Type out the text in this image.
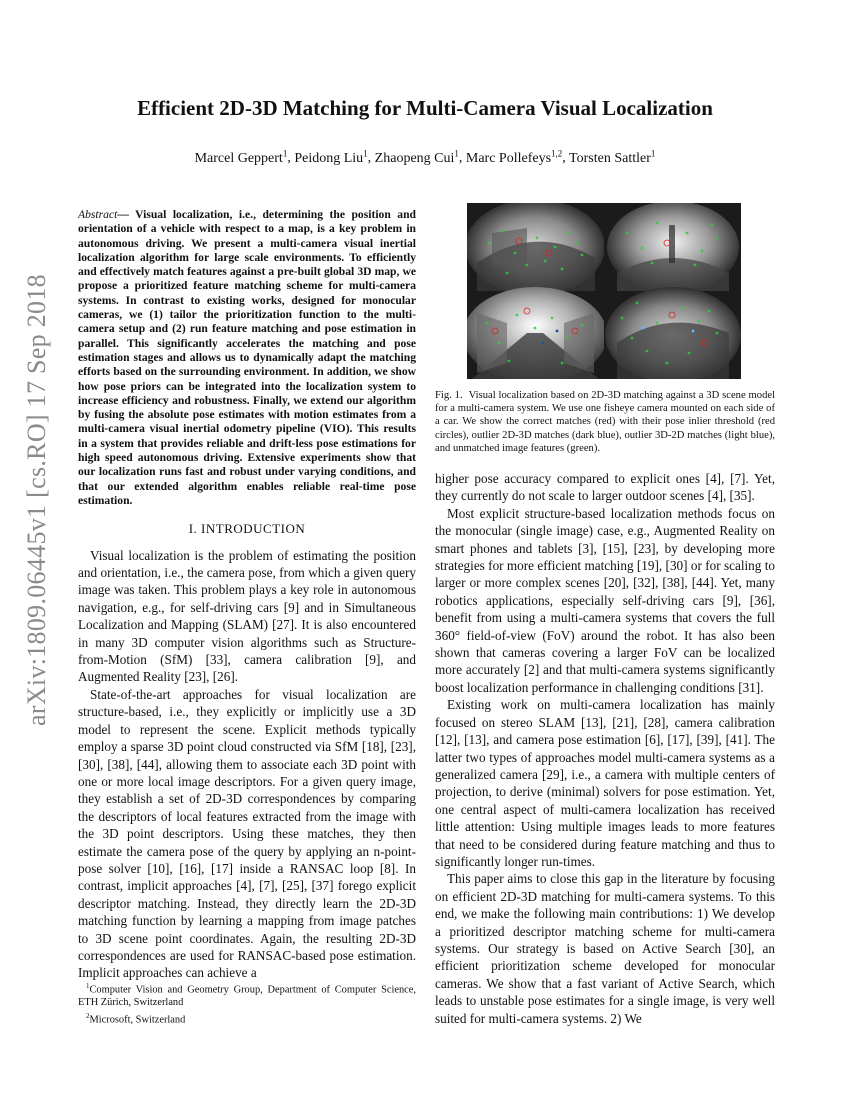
arXiv:1809.06445v1 [cs.RO] 17 Sep 2018
Efficient 2D-3D Matching for Multi-Camera Visual Localization
Marcel Geppert$^1$, Peidong Liu$^1$, Zhaopeng Cui$^1$, Marc Pollefeys$^{1,2}$, Torsten Sattler$^1$

Abstract— Visual localization, i.e., determining the position and orientation of a vehicle with respect to a map, is a key problem in autonomous driving. We present a multi-camera visual inertial localization algorithm for large scale environments. To efficiently and effectively match features against a pre-built global 3D map, we propose a prioritized feature matching scheme for multi-camera systems. In contrast to existing works, designed for monocular cameras, we (1) tailor the prioritization function to the multi-camera setup and (2) run feature matching and pose estimation in parallel. This significantly accelerates the matching and pose estimation stages and allows us to dynamically adapt the matching efforts based on the surrounding environment. In addition, we show how pose priors can be integrated into the localization system to increase efficiency and robustness. Finally, we extend our algorithm by fusing the absolute pose estimates with motion estimates from a multi-camera visual inertial odometry pipeline (VIO). This results in a system that provides reliable and drift-less pose estimations for high speed autonomous driving. Extensive experiments show that our localization runs fast and robust under varying conditions, and that our extended algorithm enables reliable real-time pose estimation.

I. INTRODUCTION

Visual localization is the problem of estimating the position and orientation, i.e., the camera pose, from which a given query image was taken. This problem plays a key role in autonomous navigation, e.g., for self-driving cars [9] and in Simultaneous Localization and Mapping (SLAM) [27]. It is also encountered in many 3D computer vision algorithms such as Structure-from-Motion (SfM) [33], camera calibration [9], and Augmented Reality [23], [26].

State-of-the-art approaches for visual localization are structure-based, i.e., they explicitly or implicitly use a 3D model to represent the scene. Explicit methods typically employ a sparse 3D point cloud constructed via SfM [18], [23], [30], [38], [44], allowing them to associate each 3D point with one or more local image descriptors. For a given query image, they establish a set of 2D-3D correspondences by comparing the descriptors of local features extracted from the image with the 3D point descriptors. Using these matches, they then estimate the camera pose of the query by applying an n-point-pose solver [10], [16], [17] inside a RANSAC loop [8]. In contrast, implicit approaches [4], [7], [25], [37] forego explicit descriptor matching. Instead, they directly learn the 2D-3D matching function by learning a mapping from image patches to 3D scene point coordinates. Again, the resulting 2D-3D correspondences are used for RANSAC-based pose estimation. Implicit approaches can achieve a

$^1$Computer Vision and Geometry Group, Department of Computer Science, ETH Zürich, Switzerland

$^2$Microsoft, Switzerland

Fig. 1. Visual localization based on 2D-3D matching against a 3D scene model for a multi-camera system. We use one fisheye camera mounted on each side of a car. We show the correct matches (red) with their pose inlier threshold (red circles), outlier 2D-3D matches (dark blue), outlier 3D-2D matches (light blue), and unmatched image features (green).

higher pose accuracy compared to explicit ones [4], [7]. Yet, they currently do not scale to larger outdoor scenes [4], [35].

Most explicit structure-based localization methods focus on the monocular (single image) case, e.g., Augmented Reality on smart phones and tablets [3], [15], [23], by developing more strategies for more efficient matching [19], [30] or for scaling to larger or more complex scenes [20], [32], [38], [44]. Yet, many robotics applications, especially self-driving cars [9], [36], benefit from using a multi-camera systems that covers the full 360° field-of-view (FoV) around the robot. It has also been shown that cameras covering a larger FoV can be localized more accurately [2] and that multi-camera systems significantly boost localization performance in challenging conditions [31].

Existing work on multi-camera localization has mainly focused on stereo SLAM [13], [21], [28], camera calibration [12], [13], and camera pose estimation [6], [17], [39], [41]. The latter two types of approaches model multi-camera systems as a generalized camera [29], i.e., a camera with multiple centers of projection, to derive (minimal) solvers for pose estimation. Yet, one central aspect of multi-camera localization has received little attention: Using multiple images leads to more features that need to be considered during feature matching and thus to significantly longer run-times.

This paper aims to close this gap in the literature by focusing on efficient 2D-3D matching for multi-camera systems. To this end, we make the following main contributions: 1) We develop a prioritized descriptor matching scheme for multi-camera systems. Our strategy is based on Active Search [30], an efficient prioritization scheme developed for monocular cameras. We show that a fast variant of Active Search, which leads to unstable pose estimates for a single image, is very well suited for multi-camera systems. 2) We
